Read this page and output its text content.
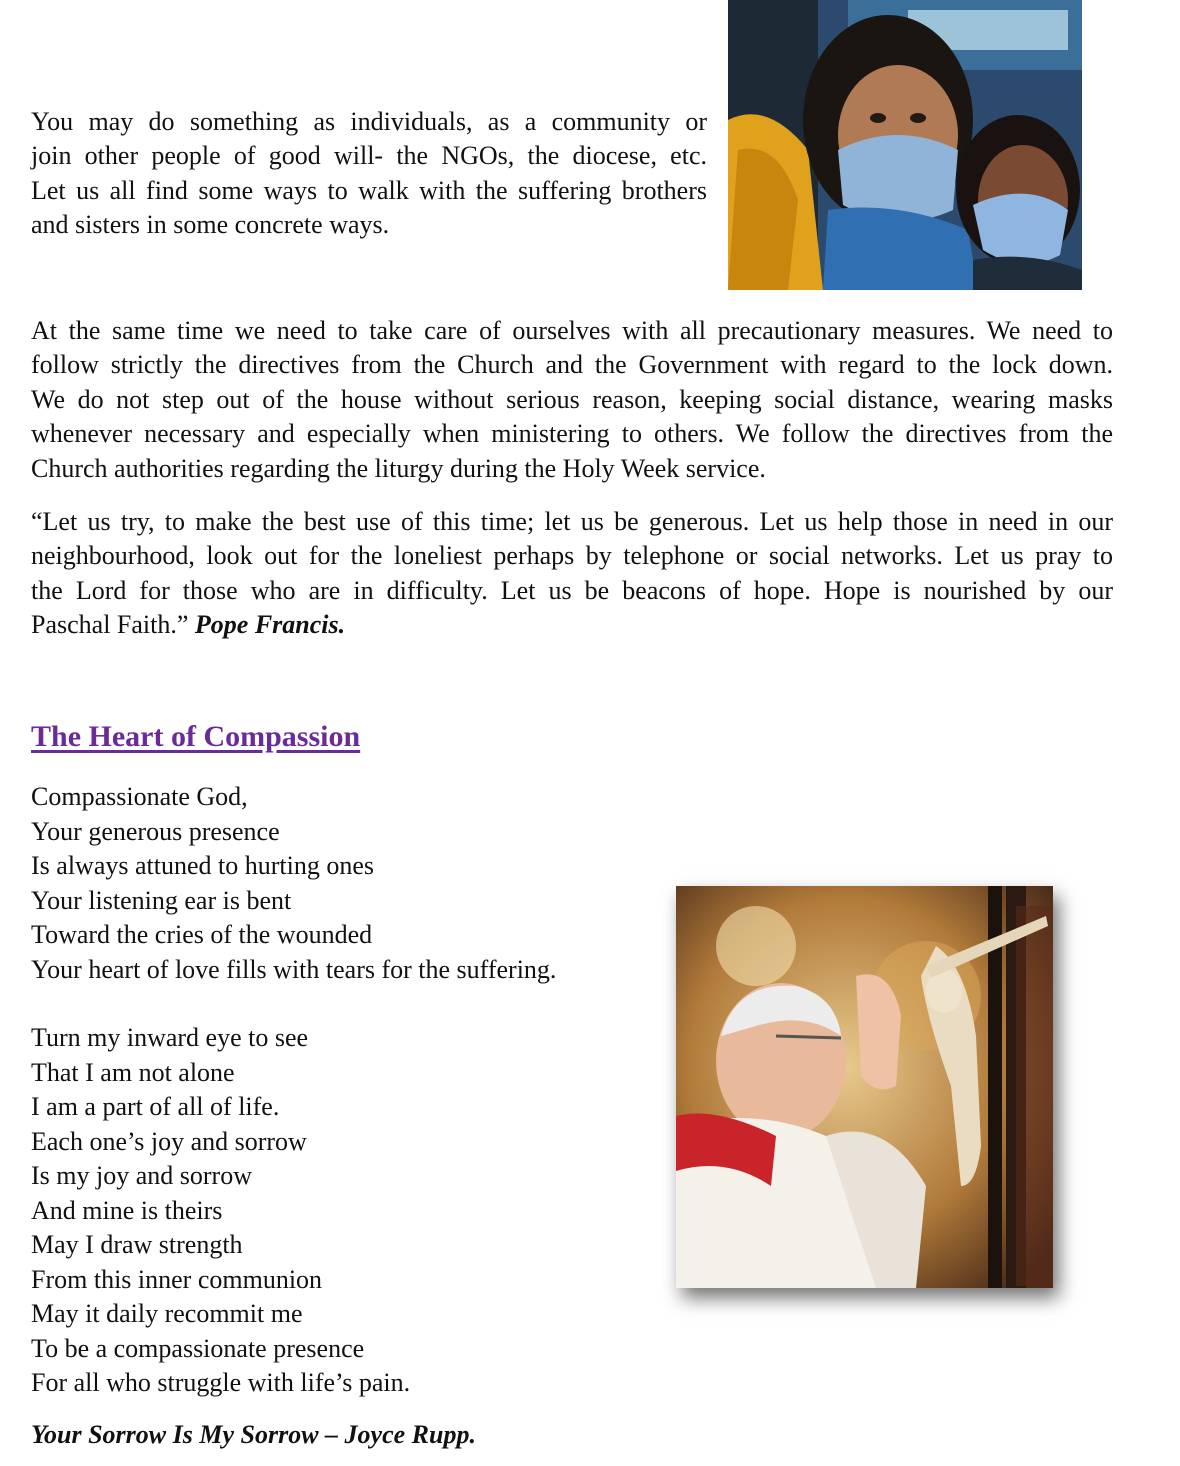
You may do something as individuals, as a community or
join other people of good will- the NGOs, the diocese, etc.
Let us all find some ways to walk with the suffering brothers
and sisters in some concrete ways.
At the same time we need to take care of ourselves with all precautionary measures. We need to
follow strictly the directives from the Church and the Government with regard to the lock down.
We do not step out of the house without serious reason, keeping social distance, wearing masks
whenever necessary and especially when ministering to others. We follow the directives from the
Church authorities regarding the liturgy during the Holy Week service.
“Let us try, to make the best use of this time; let us be generous. Let us help those in need in our
neighbourhood, look out for the loneliest perhaps by telephone or social networks. Let us pray to
the Lord for those who are in difficulty. Let us be beacons of hope. Hope is nourished by our
Paschal Faith.” Pope Francis.
The Heart of Compassion
Compassionate God,
Your generous presence
Is always attuned to hurting ones
Your listening ear is bent
Toward the cries of the wounded
Your heart of love fills with tears for the suffering.
Turn my inward eye to see
That I am not alone
I am a part of all of life.
Each one’s joy and sorrow
Is my joy and sorrow
And mine is theirs
May I draw strength
From this inner communion
May it daily recommit me
To be a compassionate presence
For all who struggle with life’s pain.

Your Sorrow Is My Sorrow – Joyce Rupp.
